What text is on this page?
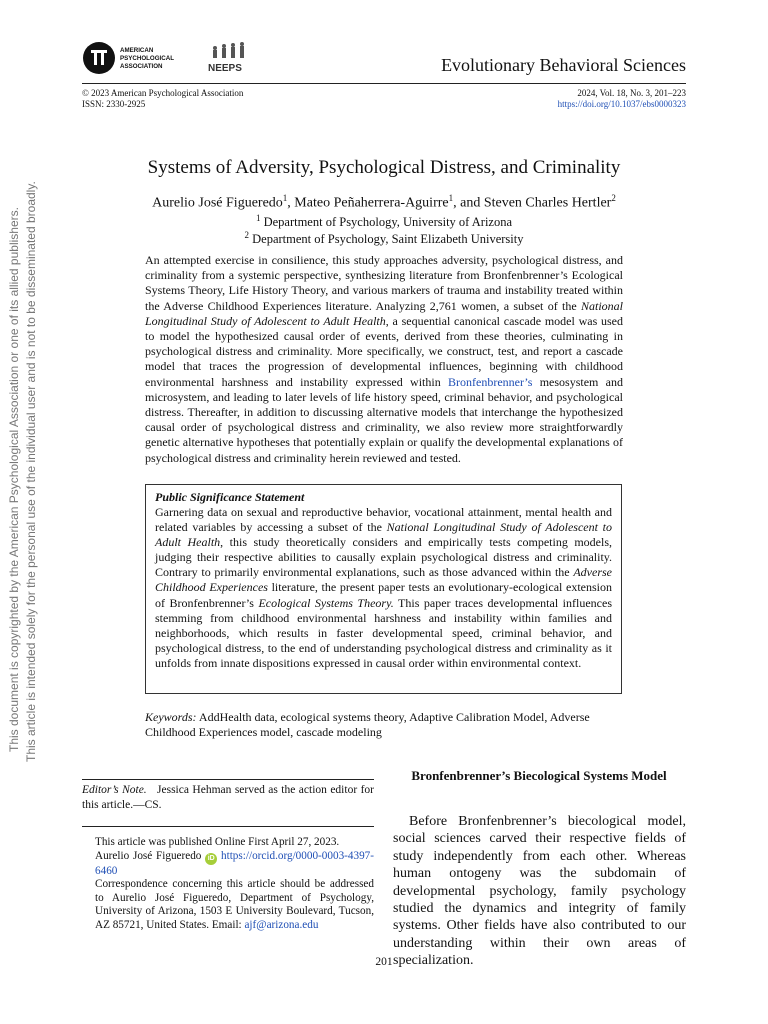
AMERICAN
PSYCHOLOGICAL
ASSOCIATION	NEEPS	Evolutionary Behavioral Sciences
© 2023 American Psychological Association
ISSN: 2330-2925
2024, Vol. 18, No. 3, 201–223
https://doi.org/10.1037/ebs0000323
Systems of Adversity, Psychological Distress, and Criminality
Aurelio José Figueredo$^1$, Mateo Peñaherrera-Aguirre$^1$, and Steven Charles Hertler$^2$
$^1$ Department of Psychology, University of Arizona
$^2$ Department of Psychology, Saint Elizabeth University
An attempted exercise in consilience, this study approaches adversity, psychological distress, and criminality from a systemic perspective, synthesizing literature from Bronfenbrenner’s Ecological Systems Theory, Life History Theory, and various markers of trauma and instability treated within the Adverse Childhood Experiences literature. Analyzing 2,761 women, a subset of the National Longitudinal Study of Adolescent to Adult Health, a sequential canonical cascade model was used to model the hypothesized causal order of events, derived from these theories, culminating in psychological distress and criminality. More specifically, we construct, test, and report a cascade model that traces the progression of developmental influences, beginning with childhood environmental harshness and instability expressed within Bronfenbrenner’s mesosystem and microsystem, and leading to later levels of life history speed, criminal behavior, and psychological distress. Thereafter, in addition to discussing alternative models that interchange the hypothesized causal order of psychological distress and criminality, we also review more straightforwardly genetic alternative hypotheses that potentially explain or qualify the developmental explanations of psychological distress and criminality herein reviewed and tested.
Public Significance Statement
Garnering data on sexual and reproductive behavior, vocational attainment, mental health and related variables by accessing a subset of the National Longitudinal Study of Adolescent to Adult Health, this study theoretically considers and empirically tests competing models, judging their respective abilities to causally explain psychological distress and criminality. Contrary to primarily environmental explanations, such as those advanced within the Adverse Childhood Experiences literature, the present paper tests an evolutionary-ecological extension of Bronfenbrenner’s Ecological Systems Theory. This paper traces developmental influences stemming from childhood environmental harshness and instability within families and neighborhoods, which results in faster developmental speed, criminal behavior, and psychological distress, to the end of understanding psychological distress and criminality as it unfolds from innate dispositions expressed in causal order within environmental context.
Keywords: AddHealth data, ecological systems theory, Adaptive Calibration Model, Adverse Childhood Experiences model, cascade modeling
Editor’s Note. Jessica Hehman served as the action editor for this article.—CS.
This article was published Online First April 27, 2023.
Aurelio José Figueredo iD https://orcid.org/0000-0003-4397-6460
Correspondence concerning this article should be addressed to Aurelio José Figueredo, Department of Psychology, University of Arizona, 1503 E University Boulevard, Tucson, AZ 85721, United States. Email: ajf@arizona.edu
Bronfenbrenner’s Biecological Systems Model
Before Bronfenbrenner’s biecological model, social sciences carved their respective fields of study independently from each other. Whereas human ontogeny was the subdomain of developmental psychology, family psychology studied the dynamics and integrity of family systems. Other fields have also contributed to our understanding within their own areas of specialization.
201
This document is copyrighted by the American Psychological Association or one of its allied publishers. This article is intended solely for the personal use of the individual user and is not to be disseminated broadly.
